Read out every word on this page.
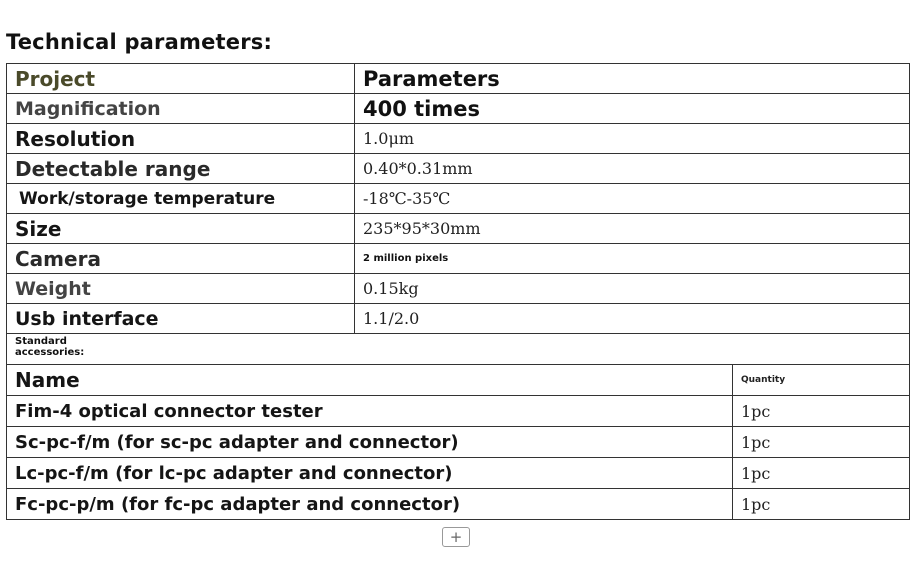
Technical parameters:
Project	Parameters
Magnification	400 times
Resolution	1.0μm
Detectable range	0.40*0.31mm
Work/storage temperature	-18℃-35℃
Size	235*95*30mm
Camera	2 million pixels
Weight	0.15kg
Usb interface	1.1/2.0
Standard accessories:	
Name	Quantity
Fim-4 optical connector tester	1pc
Sc-pc-f/m (for sc-pc adapter and connector)	1pc
Lc-pc-f/m (for lc-pc adapter and connector)	1pc
Fc-pc-p/m (for fc-pc adapter and connector)	1pc
+
